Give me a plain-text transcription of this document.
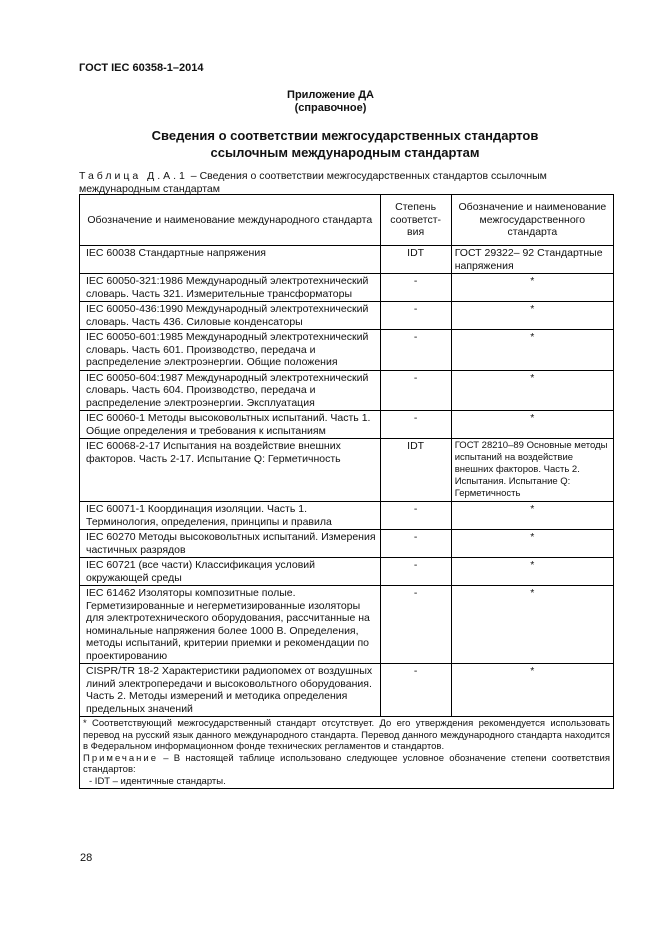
ГОСТ IEC 60358-1–2014
Приложение ДА
(справочное)
Сведения о соответствии межгосударственных стандартов
ссылочным международным стандартам
Таблица Д.А.1 – Сведения о соответствии межгосударственных стандартов ссылочным международным стандартам
Обозначение и наименование международного стандарта	Степень соответст-вия	Обозначение и наименование межгосударственного стандарта
IEC 60038 Стандартные напряжения	IDT	ГОСТ 29322– 92 Стандартные напряжения
IEC 60050-321:1986 Международный электротехнический словарь. Часть 321. Измерительные трансформаторы	-	*
IEC 60050-436:1990 Международный электротехнический словарь. Часть 436. Силовые конденсаторы	-	*
IEC 60050-601:1985 Международный электротехнический словарь. Часть 601. Производство, передача и распределение электроэнергии. Общие положения	-	*
IEC 60050-604:1987 Международный электротехнический словарь. Часть 604. Производство, передача и распределение электроэнергии. Эксплуатация	-	*
IEC 60060-1 Методы высоковольтных испытаний. Часть 1. Общие определения и требования к испытаниям	-	*
IEC 60068-2-17 Испытания на воздействие внешних факторов. Часть 2-17. Испытание Q: Герметичность	IDT	ГОСТ 28210–89 Основные методы испытаний на воздействие внешних факторов. Часть 2. Испытания. Испытание Q: Герметичность
IEC 60071-1 Координация изоляции. Часть 1. Терминология, определения, принципы и правила	-	*
IEC 60270 Методы высоковольтных испытаний. Измерения частичных разрядов	-	*
IEC 60721 (все части) Классификация условий окружающей среды	-	*
IEC 61462 Изоляторы композитные полые. Герметизированные и негерметизированные изоляторы для электротехнического оборудования, рассчитанные на номинальные напряжения более 1000 В. Определения, методы испытаний, критерии приемки и рекомендации по проектированию	-	*
CISPR/TR 18-2 Характеристики радиопомех от воздушных линий электропередачи и высоковольтного оборудования. Часть 2. Методы измерений и методика определения предельных значений	-	*

* Соответствующий межгосударственный стандарт отсутствует. До его утверждения рекомендуется использовать перевод на русский язык данного международного стандарта. Перевод данного международного стандарта находится в Федеральном информационном фонде технических регламентов и стандартов.
Примечание – В настоящей таблице использовано следующее условное обозначение степени соответствия стандартов:
- IDT – идентичные стандарты.		
28
